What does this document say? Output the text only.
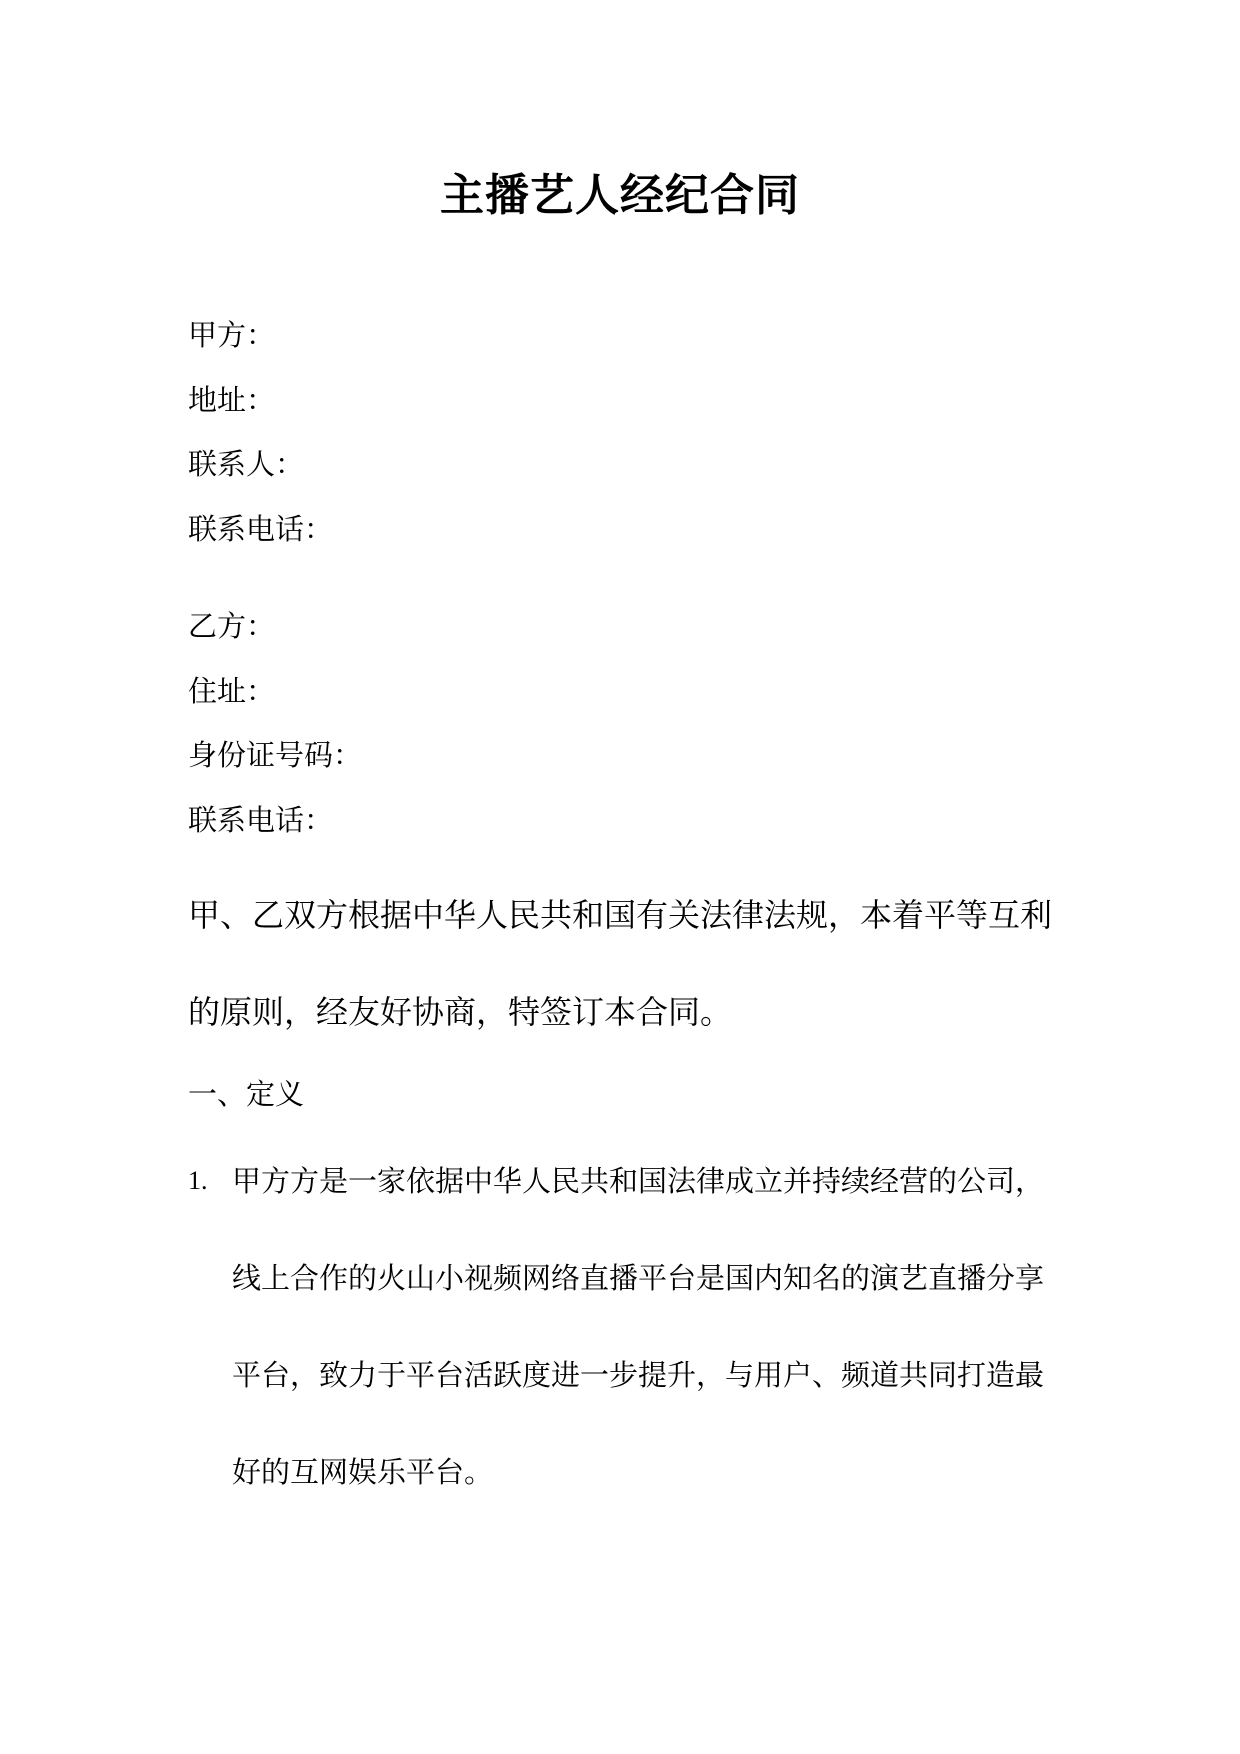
主播艺人经纪合同
甲方：
地址：
联系人：
联系电话：
乙方：
住址：
身份证号码：
联系电话：
甲、乙双方根据中华人民共和国有关法律法规，本着平等互利
的原则，经友好协商，特签订本合同。
一、定义
1. 甲方方是一家依据中华人民共和国法律成立并持续经营的公司，
线上合作的火山小视频网络直播平台是国内知名的演艺直播分享
平台，致力于平台活跃度进一步提升，与用户、频道共同打造最
好的互网娱乐平台。
